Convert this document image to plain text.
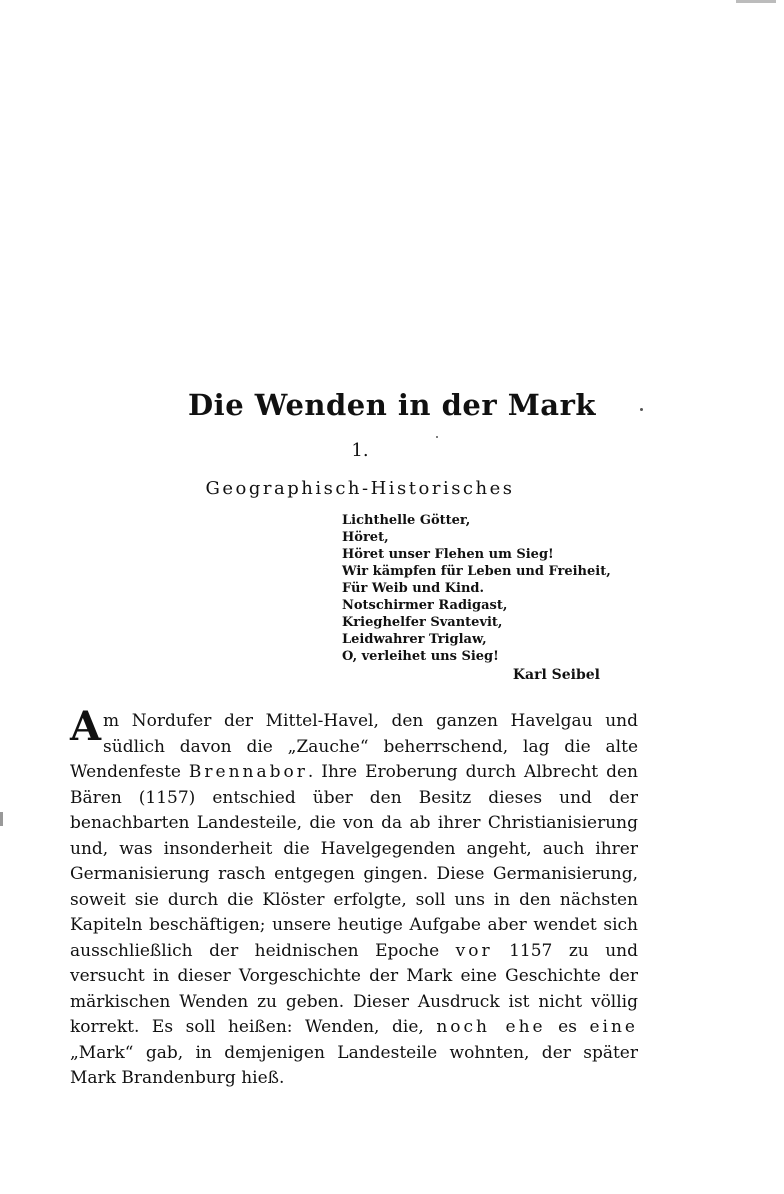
Die Wenden in der Mark
1.
Geographisch-Historisches
Lichthelle Götter,
Höret,
Höret unser Flehen um Sieg!
Wir kämpfen für Leben und Freiheit,
Für Weib und Kind.
Notschirmer Radigast,
Krieghelfer Svantevit,
Leidwahrer Triglaw,
O, verleihet uns Sieg!
Karl Seibel

Am Nordufer der Mittel-Havel, den ganzen Havelgau und südlich davon die „Zauche“ beherrschend, lag die alte Wendenfeste Brennabor. Ihre Eroberung durch Albrecht den Bären (1157) entschied über den Besitz dieses und der benachbarten Landesteile, die von da ab ihrer Christianisierung und, was insonderheit die Havelgegenden angeht, auch ihrer Germanisierung rasch entgegen gingen. Diese Germanisierung, soweit sie durch die Klöster erfolgte, soll uns in den nächsten Kapiteln beschäftigen; unsere heutige Aufgabe aber wendet sich ausschließlich der heidnischen Epoche vor 1157 zu und versucht in dieser Vorgeschichte der Mark eine Geschichte der märkischen Wenden zu geben. Dieser Ausdruck ist nicht völlig korrekt. Es soll heißen: Wenden, die, noch ehe es eine „Mark“ gab, in demjenigen Landesteile wohnten, der später Mark Brandenburg hieß.
